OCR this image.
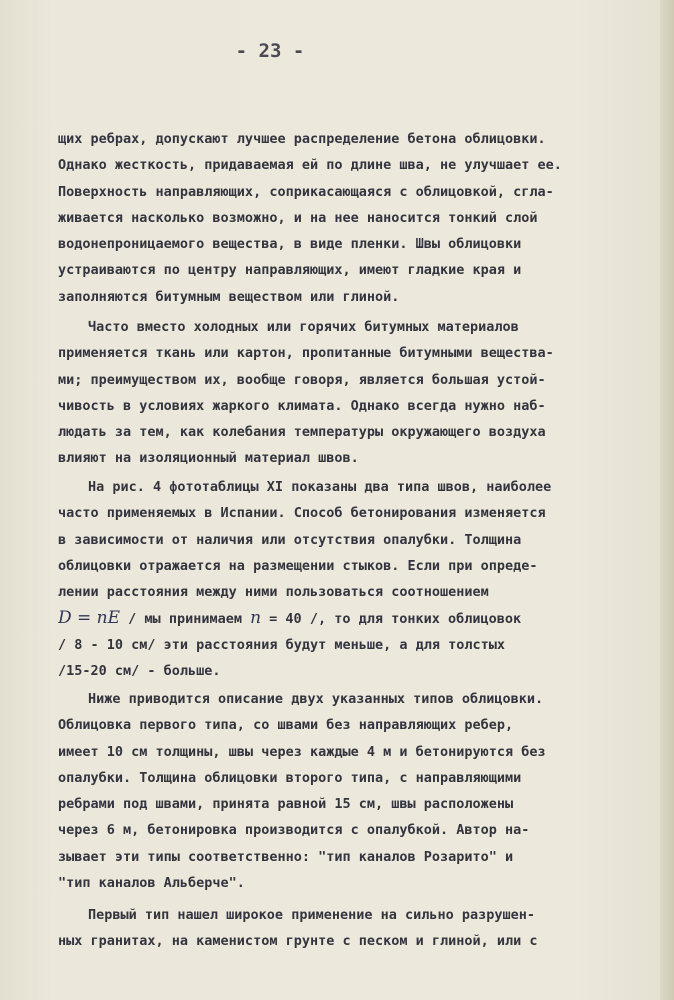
- 23 -
щих ребрах, допускают лучшее распределение бетона облицовки.
Однако жесткость, придаваемая ей по длине шва, не улучшает ее.
Поверхность направляющих, соприкасающаяся с облицовкой, сгла-
живается насколько возможно, и на нее наносится тонкий слой
водонепроницаемого вещества, в виде пленки. Швы облицовки
устраиваются по центру направляющих, имеют гладкие края и
заполняются битумным веществом или глиной.
Часто вместо холодных или горячих битумных материалов
применяется ткань или картон, пропитанные битумными вещества-
ми; преимуществом их, вообще говоря, является большая устой-
чивость в условиях жаркого климата. Однако всегда нужно наб-
людать за тем, как колебания температуры окружающего воздуха
влияют на изоляционный материал швов.
На рис. 4 фототаблицы XI показаны два типа швов, наиболее
часто применяемых в Испании. Способ бетонирования изменяется
в зависимости от наличия или отсутствия опалубки. Толщина
облицовки отражается на размещении стыков. Если при опреде-
лении расстояния между ними пользоваться соотношением
D = nE / мы принимаем n = 40 /, то для тонких облицовок
/ 8 - 10 см/ эти расстояния будут меньше, а для толстых
/15-20 см/ - больше.
Ниже приводится описание двух указанных типов облицовки.
Облицовка первого типа, со швами без направляющих ребер,
имеет 10 см толщины, швы через каждые 4 м и бетонируются без
опалубки. Толщина облицовки второго типа, с направляющими
ребрами под швами, принята равной 15 см, швы расположены
через 6 м, бетонировка производится с опалубкой. Автор на-
зывает эти типы соответственно: "тип каналов Розарито" и
"тип каналов Альберче".
Первый тип нашел широкое применение на сильно разрушен-
ных гранитах, на каменистом грунте с песком и глиной, или с
